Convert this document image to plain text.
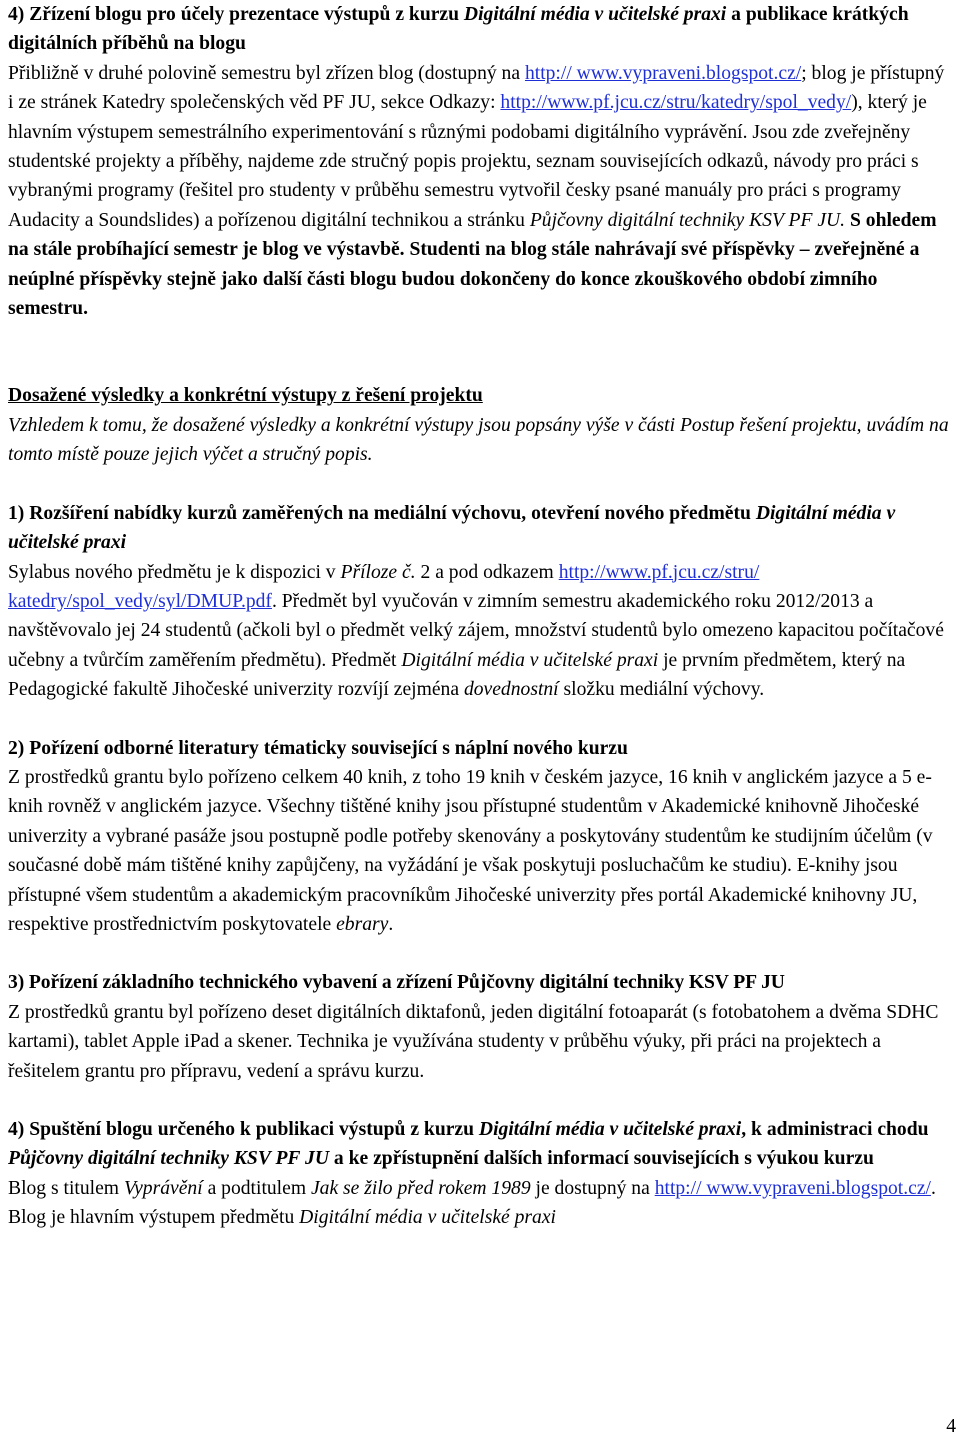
4) Zřízení blogu pro účely prezentace výstupů z kurzu Digitální média v učitelské praxi a publikace krátkých digitálních příběhů na blogu
Přibližně v druhé polovině semestru byl zřízen blog (dostupný na http:// www.vypraveni.blogspot.cz/; blog je přístupný i ze stránek Katedry společenských věd PF JU, sekce Odkazy: http://www.pf.jcu.cz/stru/katedry/spol_vedy/), který je hlavním výstupem semestrálního experimentování s různými podobami digitálního vyprávění. Jsou zde zveřejněny studentské projekty a příběhy, najdeme zde stručný popis projektu, seznam souvisejících odkazů, návody pro práci s vybranými programy (řešitel pro studenty v průběhu semestru vytvořil česky psané manuály pro práci s programy Audacity a Soundslides) a pořízenou digitální technikou a stránku Půjčovny digitální techniky KSV PF JU. S ohledem na stále probíhající semestr je blog ve výstavbě. Studenti na blog stále nahrávají své příspěvky – zveřejněné a neúplné příspěvky stejně jako další části blogu budou dokončeny do konce zkouškového období zimního semestru.

Dosažené výsledky a konkrétní výstupy z řešení projektu
Vzhledem k tomu, že dosažené výsledky a konkrétní výstupy jsou popsány výše v části Postup řešení projektu, uvádím na tomto místě pouze jejich výčet a stručný popis.

1) Rozšíření nabídky kurzů zaměřených na mediální výchovu, otevření nového předmětu Digitální média v učitelské praxi
Sylabus nového předmětu je k dispozici v Příloze č. 2 a pod odkazem http://www.pf.jcu.cz/stru/ katedry/spol_vedy/syl/DMUP.pdf. Předmět byl vyučován v zimním semestru akademického roku 2012/2013 a navštěvovalo jej 24 studentů (ačkoli byl o předmět velký zájem, množství studentů bylo omezeno kapacitou počítačové učebny a tvůrčím zaměřením předmětu). Předmět Digitální média v učitelské praxi je prvním předmětem, který na Pedagogické fakultě Jihočeské univerzity rozvíjí zejména dovednostní složku mediální výchovy.

2) Pořízení odborné literatury tématicky související s náplní nového kurzu
Z prostředků grantu bylo pořízeno celkem 40 knih, z toho 19 knih v českém jazyce, 16 knih v anglickém jazyce a 5 e-knih rovněž v anglickém jazyce. Všechny tištěné knihy jsou přístupné studentům v Akademické knihovně Jihočeské univerzity a vybrané pasáže jsou postupně podle potřeby skenovány a poskytovány studentům ke studijním účelům (v současné době mám tištěné knihy zapůjčeny, na vyžádání je však poskytuji posluchačům ke studiu). E-knihy jsou přístupné všem studentům a akademickým pracovníkům Jihočeské univerzity přes portál Akademické knihovny JU, respektive prostřednictvím poskytovatele ebrary.

3) Pořízení základního technického vybavení a zřízení Půjčovny digitální techniky KSV PF JU
Z prostředků grantu byl pořízeno deset digitálních diktafonů, jeden digitální fotoaparát (s fotobatohem a dvěma SDHC kartami), tablet Apple iPad a skener. Technika je využívána studenty v průběhu výuky, při práci na projektech a řešitelem grantu pro přípravu, vedení a správu kurzu.

4) Spuštění blogu určeného k publikaci výstupů z kurzu Digitální média v učitelské praxi, k administraci chodu Půjčovny digitální techniky KSV PF JU a ke zpřístupnění dalších informací souvisejících s výukou kurzu
Blog s titulem Vyprávění a podtitulem Jak se žilo před rokem 1989 je dostupný na http:// www.vypraveni.blogspot.cz/. Blog je hlavním výstupem předmětu Digitální média v učitelské praxi

4
